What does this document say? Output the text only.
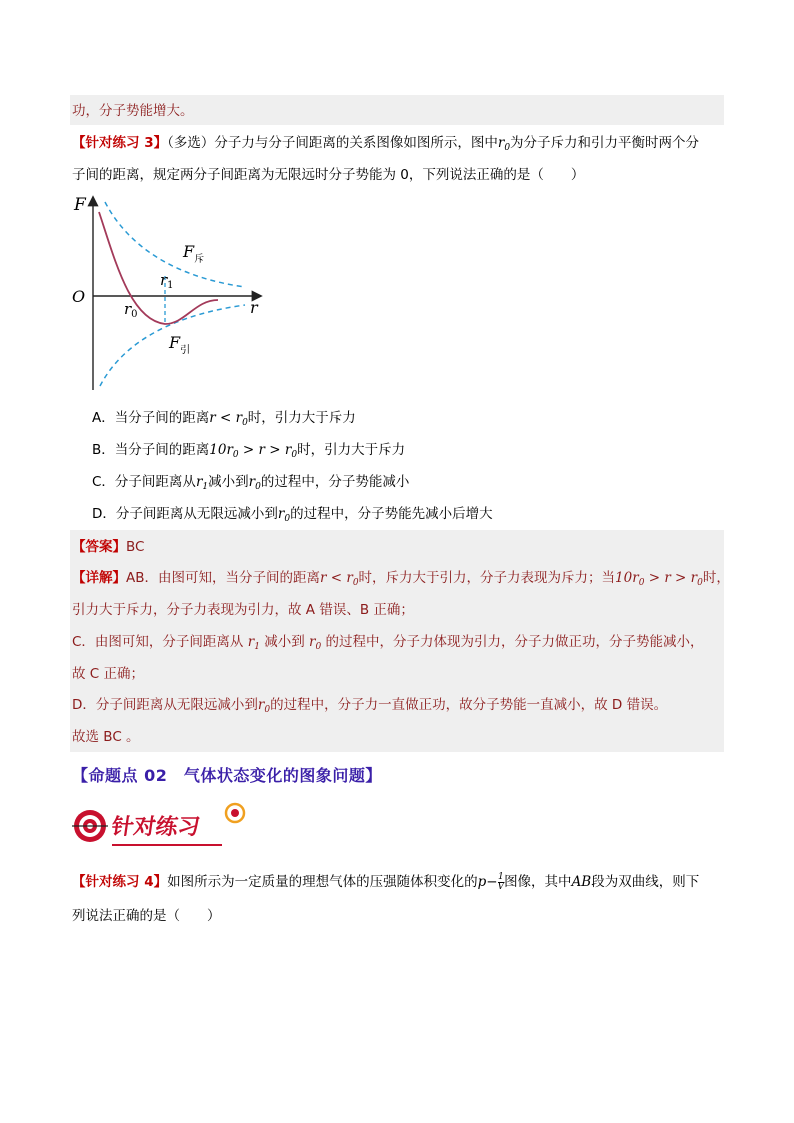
功，分子势能增大。
【针对练习 3】（多选）分子力与分子间距离的关系图像如图所示，图中$r_0$为分子斥力和引力平衡时两个分
子间的距离，规定两分子间距离为无限远时分子势能为 0，下列说法正确的是（　　）
F
O
r
$r_0$
$r_1$
$F_斥$
$F_引$
A．当分子间的距离$r < r_0$时，引力大于斥力
B．当分子间的距离$10r_0 > r > r_0$时，引力大于斥力
C．分子间距离从$r_1$减小到$r_0$的过程中，分子势能减小
D．分子间距离从无限远减小到$r_0$的过程中，分子势能先减小后增大
【答案】BC
【详解】AB．由图可知，当分子间的距离$r < r_0$时，斥力大于引力，分子力表现为斥力；当$10r_0 > r > r_0$时，
引力大于斥力，分子力表现为引力，故 A 错误、B 正确；
C．由图可知，分子间距离从 $r_1$ 减小到 $r_0$ 的过程中，分子力体现为引力，分子力做正功，分子势能减小，
故 C 正确；
D．分子间距离从无限远减小到$r_0$的过程中，分子力一直做正功，故分子势能一直减小，故 D 错误。
故选 BC 。
【命题点 02　气体状态变化的图象问题】
针对练习
【针对练习 4】如图所示为一定质量的理想气体的压强随体积变化的$p- \frac{1}{V}$ 图像，其中AB段为双曲线，则下
列说法正确的是（　　）
